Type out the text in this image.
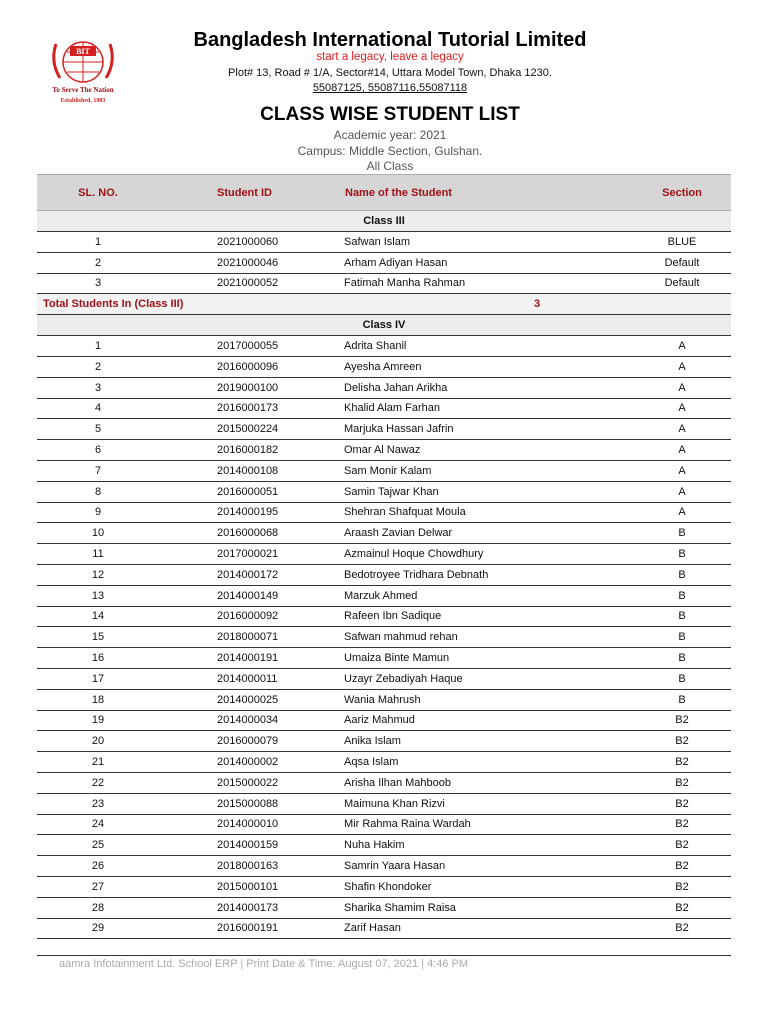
BIT
To Serve The Nation
Established, 1983
Bangladesh International Tutorial Limited
start a legacy, leave a legacy
Plot# 13, Road # 1/A, Sector#14, Uttara Model Town, Dhaka 1230.
55087125, 55087116,55087118
CLASS WISE STUDENT LIST
Academic year: 2021
Campus: Middle Section, Gulshan.
All Class
SL. NO.	Student ID	Name of the Student	Section
Class III			
1	2021000060	Safwan Islam	BLUE
2	2021000046	Arham Adiyan Hasan	Default
3	2021000052	Fatimah Manha Rahman	Default
Total Students In (Class III)		3	
Class IV			
1	2017000055	Adrita Shanil	A
2	2016000096	Ayesha Amreen	A
3	2019000100	Delisha Jahan Arikha	A
4	2016000173	Khalid Alam Farhan	A
5	2015000224	Marjuka Hassan Jafrin	A
6	2016000182	Omar Al Nawaz	A
7	2014000108	Sam Monir Kalam	A
8	2016000051	Samin Tajwar Khan	A
9	2014000195	Shehran Shafquat Moula	A
10	2016000068	Araash Zavian Delwar	B
11	2017000021	Azmainul Hoque Chowdhury	B
12	2014000172	Bedotroyee Tridhara Debnath	B
13	2014000149	Marzuk Ahmed	B
14	2016000092	Rafeen Ibn Sadique	B
15	2018000071	Safwan mahmud rehan	B
16	2014000191	Umaiza Binte Mamun	B
17	2014000011	Uzayr Zebadiyah Haque	B
18	2014000025	Wania Mahrush	B
19	2014000034	Aariz Mahmud	B2
20	2016000079	Anika Islam	B2
21	2014000002	Aqsa Islam	B2
22	2015000022	Arisha Ilhan Mahboob	B2
23	2015000088	Maimuna Khan Rizvi	B2
24	2014000010	Mir Rahma Raina Wardah	B2
25	2014000159	Nuha Hakim	B2
26	2018000163	Samrin Yaara Hasan	B2
27	2015000101	Shafin Khondoker	B2
28	2014000173	Sharika Shamim Raisa	B2
29	2016000191	Zarif Hasan	B2
aamra Infotainment Ltd. School ERP | Print Date & Time: August 07, 2021 | 4:46 PM
